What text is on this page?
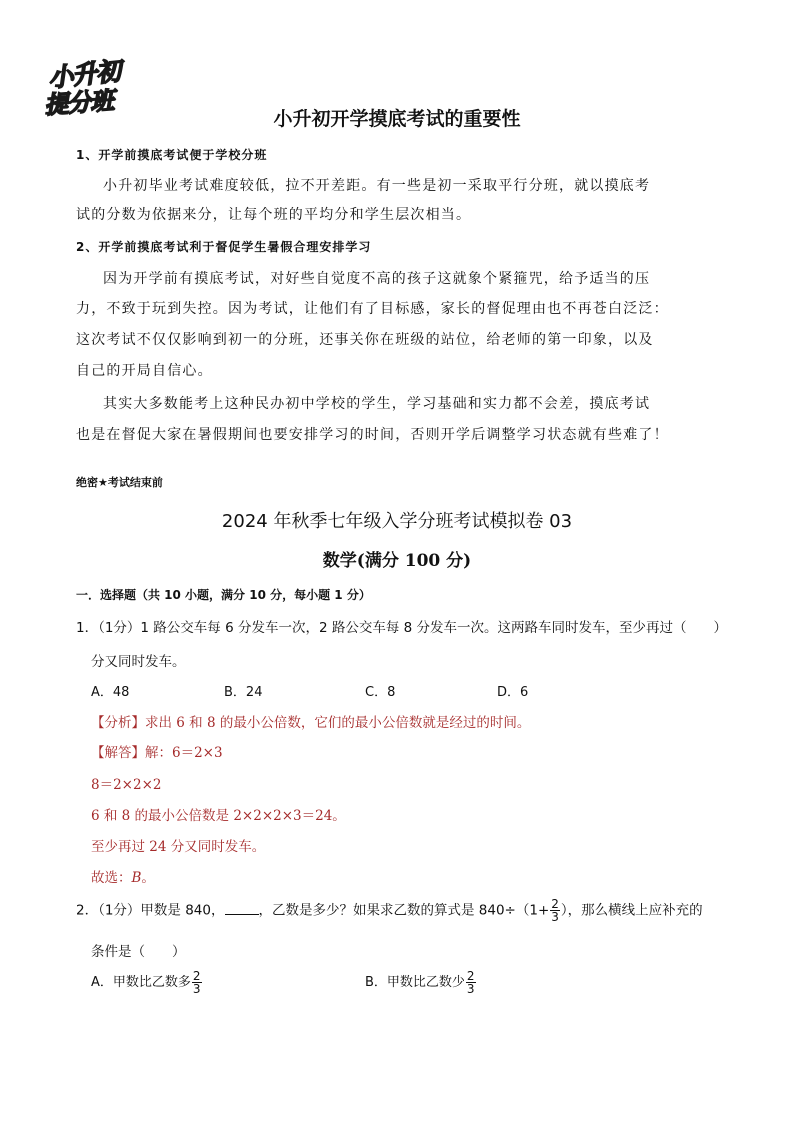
小升初
提分班	小升初开学摸底考试的重要性
1、开学前摸底考试便于学校分班
小升初毕业考试难度较低，拉不开差距。有一些是初一采取平行分班，就以摸底考
试的分数为依据来分，让每个班的平均分和学生层次相当。
2、开学前摸底考试利于督促学生暑假合理安排学习
因为开学前有摸底考试，对好些自觉度不高的孩子这就象个紧箍咒，给予适当的压
力，不致于玩到失控。因为考试，让他们有了目标感，家长的督促理由也不再苍白泛泛：
这次考试不仅仅影响到初一的分班，还事关你在班级的站位，给老师的第一印象，以及
自己的开局自信心。
其实大多数能考上这种民办初中学校的学生，学习基础和实力都不会差，摸底考试
也是在督促大家在暑假期间也要安排学习的时间，否则开学后调整学习状态就有些难了！
绝密★考试结束前
2024 年秋季七年级入学分班考试模拟卷 03
数学(满分 100 分)
一．选择题（共 10 小题，满分 10 分，每小题 1 分）
1．（1分）1 路公交车每 6 分发车一次，2 路公交车每 8 分发车一次。这两路车同时发车，至少再过（　　）
分又同时发车。
A．48	B．24	C．8	D．6
【分析】求出 6 和 8 的最小公倍数，它们的最小公倍数就是经过的时间。
【解答】解：6＝2×3
8＝2×2×2
6 和 8 的最小公倍数是 2×2×2×3＝24。
至少再过 24 分又同时发车。
故选：B。
2．（1分）甲数是 840，	，乙数是多少？如果求乙数的算式是 $840\div(1+ \frac{2}{3}$ ），那么横线上应补充的
条件是（　　）
A．甲数比乙数多 $\frac{2}{3}$	B．甲数比乙数少 $\frac{2}{3}$
